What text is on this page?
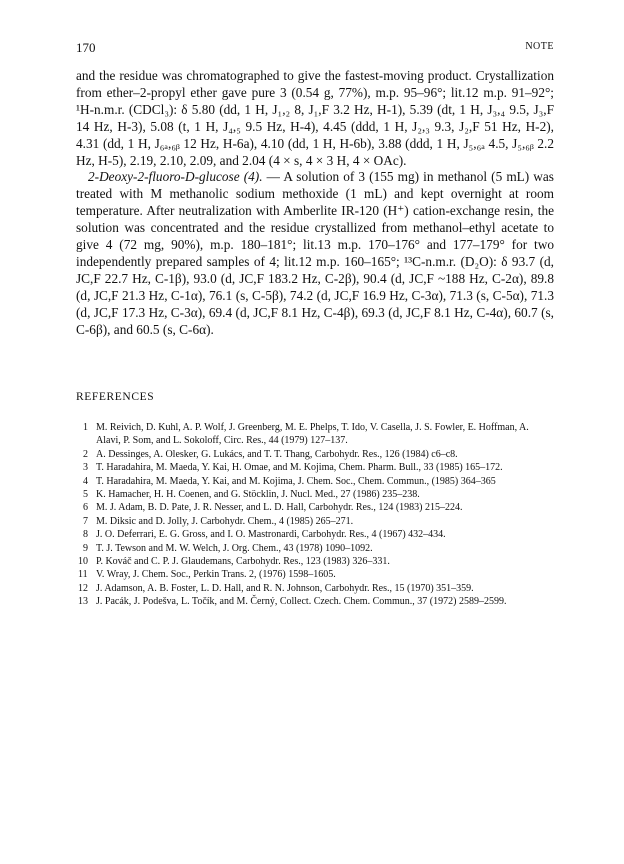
170	NOTE

and the residue was chromatographed to give the fastest-moving product. Crystallization from ether–2-propyl ether gave pure 3 (0.54 g, 77%), m.p. 95–96°; lit.12 m.p. 91–92°; ¹H-n.m.r. (CDCl₃): δ 5.80 (dd, 1 H, J₁,₂ 8, J₁,F 3.2 Hz, H-1), 5.39 (dt, 1 H, J₃,₄ 9.5, J₃,F 14 Hz, H-3), 5.08 (t, 1 H, J₄,₅ 9.5 Hz, H-4), 4.45 (ddd, 1 H, J₂,₃ 9.3, J₂,F 51 Hz, H-2), 4.31 (dd, 1 H, J₆ₐ,₆ᵦ 12 Hz, H-6a), 4.10 (dd, 1 H, H-6b), 3.88 (ddd, 1 H, J₅,₆ₐ 4.5, J₅,₆ᵦ 2.2 Hz, H-5), 2.19, 2.10, 2.09, and 2.04 (4 × s, 4 × 3 H, 4 × OAc).

2-Deoxy-2-fluoro-D-glucose (4). — A solution of 3 (155 mg) in methanol (5 mL) was treated with M methanolic sodium methoxide (1 mL) and kept overnight at room temperature. After neutralization with Amberlite IR-120 (H⁺) cation-exchange resin, the solution was concentrated and the residue crystallized from methanol–ethyl acetate to give 4 (72 mg, 90%), m.p. 180–181°; lit.13 m.p. 170–176° and 177–179° for two independently prepared samples of 4; lit.12 m.p. 160–165°; ¹³C-n.m.r. (D₂O): δ 93.7 (d, JC,F 22.7 Hz, C-1β), 93.0 (d, JC,F 183.2 Hz, C-2β), 90.4 (d, JC,F ~188 Hz, C-2α), 89.8 (d, JC,F 21.3 Hz, C-1α), 76.1 (s, C-5β), 74.2 (d, JC,F 16.9 Hz, C-3α), 71.3 (s, C-5α), 71.3 (d, JC,F 17.3 Hz, C-3α), 69.4 (d, JC,F 8.1 Hz, C-4β), 69.3 (d, JC,F 8.1 Hz, C-4α), 60.7 (s, C-6β), and 60.5 (s, C-6α).

REFERENCES

1 M. Reivich, D. Kuhl, A. P. Wolf, J. Greenberg, M. E. Phelps, T. Ido, V. Casella, J. S. Fowler, E. Hoffman, A. Alavi, P. Som, and L. Sokoloff, Circ. Res., 44 (1979) 127–137.

2 A. Dessinges, A. Olesker, G. Lukács, and T. T. Thang, Carbohydr. Res., 126 (1984) c6–c8.

3 T. Haradahira, M. Maeda, Y. Kai, H. Omae, and M. Kojima, Chem. Pharm. Bull., 33 (1985) 165–172.

4 T. Haradahira, M. Maeda, Y. Kai, and M. Kojima, J. Chem. Soc., Chem. Commun., (1985) 364–365

5 K. Hamacher, H. H. Coenen, and G. Stöcklin, J. Nucl. Med., 27 (1986) 235–238.

6 M. J. Adam, B. D. Pate, J. R. Nesser, and L. D. Hall, Carbohydr. Res., 124 (1983) 215–224.

7 M. Diksic and D. Jolly, J. Carbohydr. Chem., 4 (1985) 265–271.

8 J. O. Deferrari, E. G. Gross, and I. O. Mastronardi, Carbohydr. Res., 4 (1967) 432–434.

9 T. J. Tewson and M. W. Welch, J. Org. Chem., 43 (1978) 1090–1092.

10 P. Kováč and C. P. J. Glaudemans, Carbohydr. Res., 123 (1983) 326–331.

11 V. Wray, J. Chem. Soc., Perkin Trans. 2, (1976) 1598–1605.

12 J. Adamson, A. B. Foster, L. D. Hall, and R. N. Johnson, Carbohydr. Res., 15 (1970) 351–359.

13 J. Pacák, J. Podešva, L. Točík, and M. Černý, Collect. Czech. Chem. Commun., 37 (1972) 2589–2599.
